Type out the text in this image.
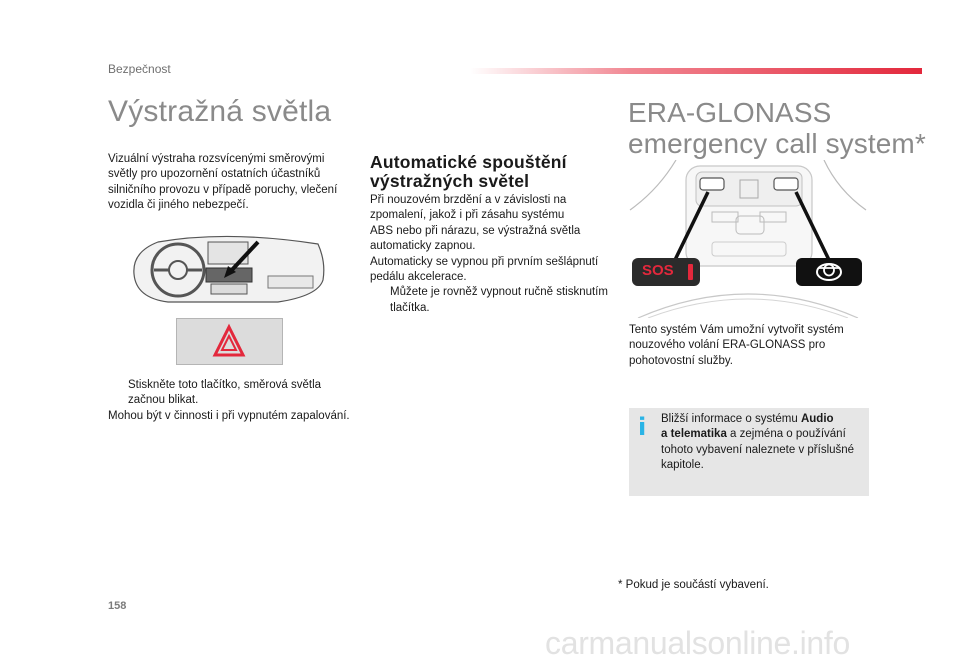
Bezpečnost
Výstražná světla
Vizuální výstraha rozsvícenými směrovými
světly pro upozornění ostatních účastníků
silničního provozu v případě poruchy, vlečení
vozidla či jiného nebezpečí.
Stiskněte toto tlačítko, směrová světla
začnou blikat.
Mohou být v činnosti i při vypnutém zapalování.
Automatické spouštění
výstražných světel
Při nouzovém brzdění a v závislosti na
zpomalení, jakož i při zásahu systému
ABS nebo při nárazu, se výstražná světla
automaticky zapnou.
Automaticky se vypnou při prvním sešlápnutí
pedálu akcelerace.
Můžete je rovněž vypnout ručně stisknutím
tlačítka.
ERA-GLONASS
emergency call system*
SOS
Tento systém Vám umožní vytvořit systém
nouzového volání ERA-GLONASS pro
pohotovostní služby.
i Bližší informace o systému Audio
a telematika a zejména o používání
tohoto vybavení naleznete v příslušné
kapitole.
* Pokud je součástí vybavení.
158
carmanualsonline.info
